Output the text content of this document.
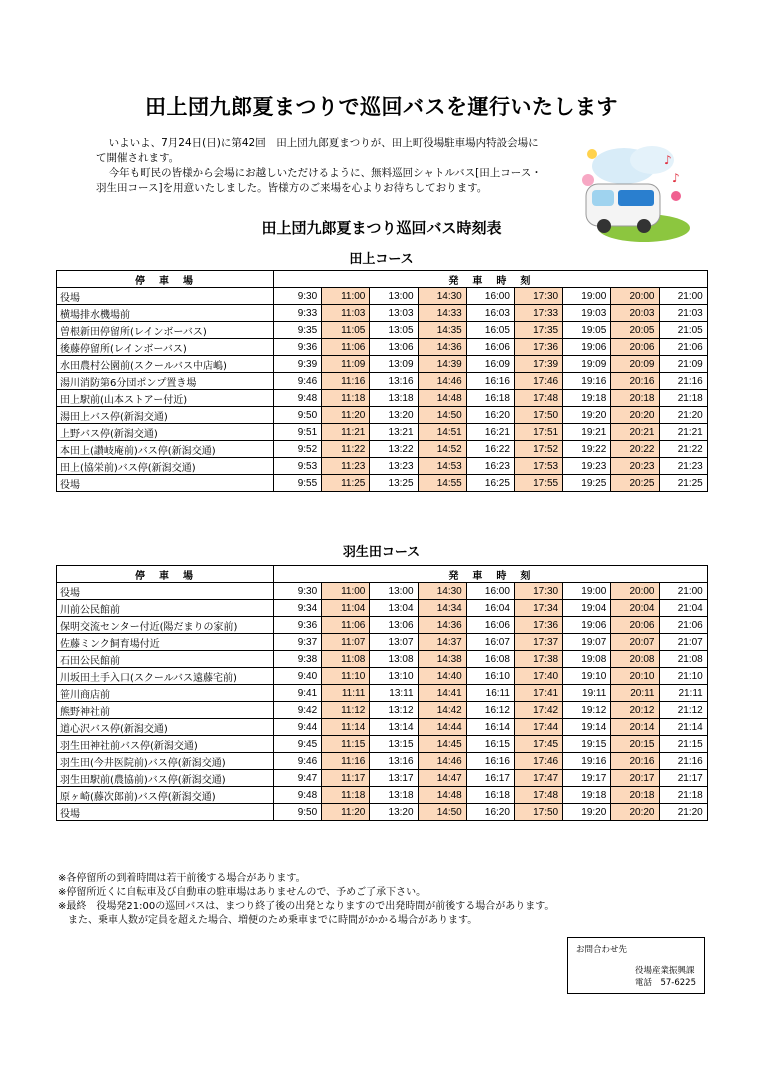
田上団九郎夏まつりで巡回バスを運行いたします

いよいよ、7月24日(日)に第42回　田上団九郎夏まつりが、田上町役場駐車場内特設会場にて開催されます。

今年も町民の皆様から会場にお越しいただけるように、無料巡回シャトルバス[田上コース・羽生田コース]を用意いたしました。皆様方のご来場を心よりお待ちしております。

♪
♪
田上団九郎夏まつり巡回バス時刻表
田上コース
停　車　場	発　車　時　刻								
役場	9:30	11:00	13:00	14:30	16:00	17:30	19:00	20:00	21:00
横場排水機場前	9:33	11:03	13:03	14:33	16:03	17:33	19:03	20:03	21:03
曽根新田停留所(レインボーバス)	9:35	11:05	13:05	14:35	16:05	17:35	19:05	20:05	21:05
後藤停留所(レインボーバス)	9:36	11:06	13:06	14:36	16:06	17:36	19:06	20:06	21:06
水田農村公園前(スクールバス中店嶋)	9:39	11:09	13:09	14:39	16:09	17:39	19:09	20:09	21:09
湯川消防第6分団ポンプ置き場	9:46	11:16	13:16	14:46	16:16	17:46	19:16	20:16	21:16
田上駅前(山本ストアー付近)	9:48	11:18	13:18	14:48	16:18	17:48	19:18	20:18	21:18
湯田上バス停(新潟交通)	9:50	11:20	13:20	14:50	16:20	17:50	19:20	20:20	21:20
上野バス停(新潟交通)	9:51	11:21	13:21	14:51	16:21	17:51	19:21	20:21	21:21
本田上(讃岐庵前)バス停(新潟交通)	9:52	11:22	13:22	14:52	16:22	17:52	19:22	20:22	21:22
田上(協栄前)バス停(新潟交通)	9:53	11:23	13:23	14:53	16:23	17:53	19:23	20:23	21:23
役場	9:55	11:25	13:25	14:55	16:25	17:55	19:25	20:25	21:25
羽生田コース
停　車　場	発　車　時　刻								
役場	9:30	11:00	13:00	14:30	16:00	17:30	19:00	20:00	21:00
川前公民館前	9:34	11:04	13:04	14:34	16:04	17:34	19:04	20:04	21:04
保明交流センター付近(陽だまりの家前)	9:36	11:06	13:06	14:36	16:06	17:36	19:06	20:06	21:06
佐藤ミンク飼育場付近	9:37	11:07	13:07	14:37	16:07	17:37	19:07	20:07	21:07
石田公民館前	9:38	11:08	13:08	14:38	16:08	17:38	19:08	20:08	21:08
川坂田土手入口(スクールバス遠藤宅前)	9:40	11:10	13:10	14:40	16:10	17:40	19:10	20:10	21:10
笹川商店前	9:41	11:11	13:11	14:41	16:11	17:41	19:11	20:11	21:11
熊野神社前	9:42	11:12	13:12	14:42	16:12	17:42	19:12	20:12	21:12
道心沢バス停(新潟交通)	9:44	11:14	13:14	14:44	16:14	17:44	19:14	20:14	21:14
羽生田神社前バス停(新潟交通)	9:45	11:15	13:15	14:45	16:15	17:45	19:15	20:15	21:15
羽生田(今井医院前)バス停(新潟交通)	9:46	11:16	13:16	14:46	16:16	17:46	19:16	20:16	21:16
羽生田駅前(農協前)バス停(新潟交通)	9:47	11:17	13:17	14:47	16:17	17:47	19:17	20:17	21:17
原ヶ崎(藤次郎前)バス停(新潟交通)	9:48	11:18	13:18	14:48	16:18	17:48	19:18	20:18	21:18
役場	9:50	11:20	13:20	14:50	16:20	17:50	19:20	20:20	21:20
※各停留所の到着時間は若干前後する場合があります。
※停留所近くに自転車及び自動車の駐車場はありませんので、予めご了承下さい。
※最終　役場発21:00の巡回バスは、まつり終了後の出発となりますので出発時間が前後する場合があります。
　また、乗車人数が定員を超えた場合、増便のため乗車までに時間がかかる場合があります。
お問合わせ先
役場産業振興課
電話　57-6225
